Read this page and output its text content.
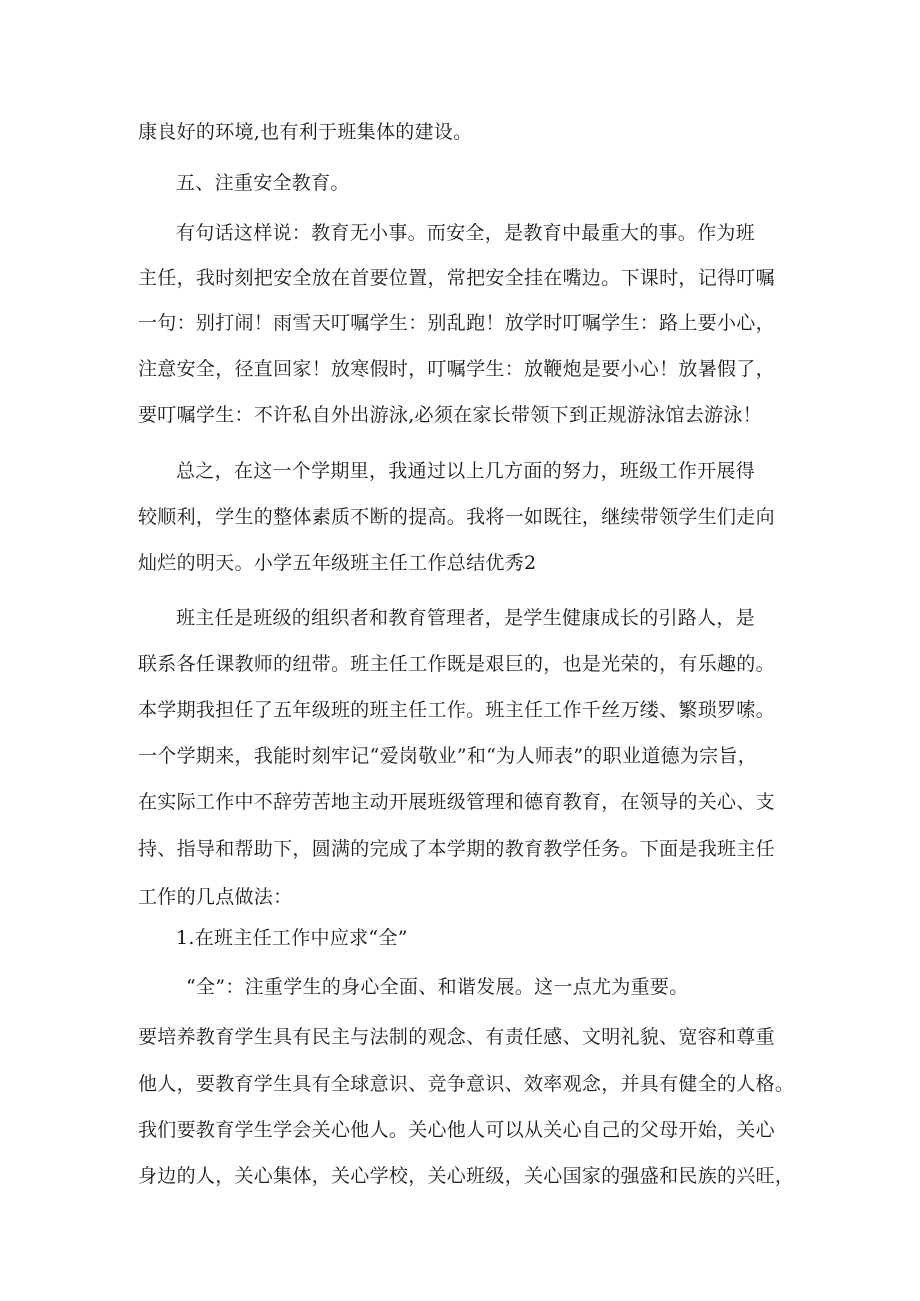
康良好的环境,也有利于班集体的建设。
五、注重安全教育。
有句话这样说：教育无小事。而安全，是教育中最重大的事。作为班
主任，我时刻把安全放在首要位置，常把安全挂在嘴边。下课时，记得叮嘱
一句：别打闹！雨雪天叮嘱学生：别乱跑！放学时叮嘱学生：路上要小心，
注意安全，径直回家！放寒假时，叮嘱学生：放鞭炮是要小心！放暑假了，
要叮嘱学生：不许私自外出游泳,必须在家长带领下到正规游泳馆去游泳！
总之，在这一个学期里，我通过以上几方面的努力，班级工作开展得
较顺利，学生的整体素质不断的提高。我将一如既往，继续带领学生们走向
灿烂的明天。小学五年级班主任工作总结优秀2
班主任是班级的组织者和教育管理者，是学生健康成长的引路人，是
联系各任课教师的纽带。班主任工作既是艰巨的，也是光荣的，有乐趣的。
本学期我担任了五年级班的班主任工作。班主任工作千丝万缕、繁琐罗嗦。
一个学期来，我能时刻牢记“爱岗敬业”和“为人师表”的职业道德为宗旨，
在实际工作中不辞劳苦地主动开展班级管理和德育教育，在领导的关心、支
持、指导和帮助下，圆满的完成了本学期的教育教学任务。下面是我班主任
工作的几点做法：
1.在班主任工作中应求“全”
“全”：注重学生的身心全面、和谐发展。这一点尤为重要。
要培养教育学生具有民主与法制的观念、有责任感、文明礼貌、宽容和尊重
他人，要教育学生具有全球意识、竞争意识、效率观念，并具有健全的人格。
我们要教育学生学会关心他人。关心他人可以从关心自己的父母开始，关心
身边的人，关心集体，关心学校，关心班级，关心国家的强盛和民族的兴旺，
